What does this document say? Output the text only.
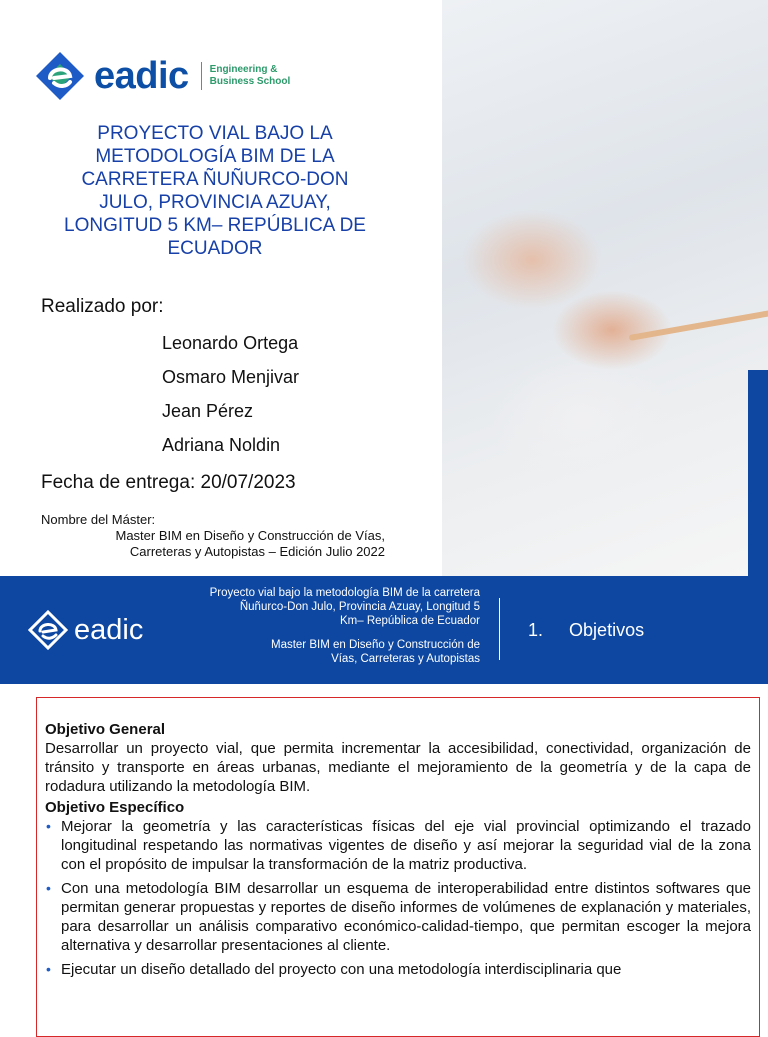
eadic Engineering &
Business School
PROYECTO VIAL BAJO LA
METODOLOGÍA BIM DE LA
CARRETERA ÑUÑURCO-DON
JULO, PROVINCIA AZUAY,
LONGITUD 5 KM– REPÚBLICA DE
ECUADOR
Realizado por:
Leonardo Ortega
Osmaro Menjivar
Jean Pérez
Adriana Noldin
Fecha de entrega: 20/07/2023
Nombre del Máster:
Master BIM en Diseño y Construcción de Vías,
Carreteras y Autopistas – Edición Julio 2022
eadic
Proyecto vial bajo la metodología BIM de la carretera
Ñuñurco-Don Julo, Provincia Azuay, Longitud 5
Km– República de Ecuador
Master BIM en Diseño y Construcción de
Vías, Carreteras y Autopistas
1. Objetivos

Objetivo General

Desarrollar un proyecto vial, que permita incrementar la accesibilidad, conectividad, organización de tránsito y transporte en áreas urbanas, mediante el mejoramiento de la geometría y de la capa de rodadura utilizando la metodología BIM.

Objetivo Específico

• Mejorar la geometría y las características físicas del eje vial provincial optimizando el trazado longitudinal respetando las normativas vigentes de diseño y así mejorar la seguridad vial de la zona con el propósito de impulsar la transformación de la matriz productiva.
• Con una metodología BIM desarrollar un esquema de interoperabilidad entre distintos softwares que permitan generar propuestas y reportes de diseño informes de volúmenes de explanación y materiales, para desarrollar un análisis comparativo económico-calidad-tiempo, que permitan escoger la mejora alternativa y desarrollar presentaciones al cliente.
• Ejecutar un diseño detallado del proyecto con una metodología interdisciplinaria que
